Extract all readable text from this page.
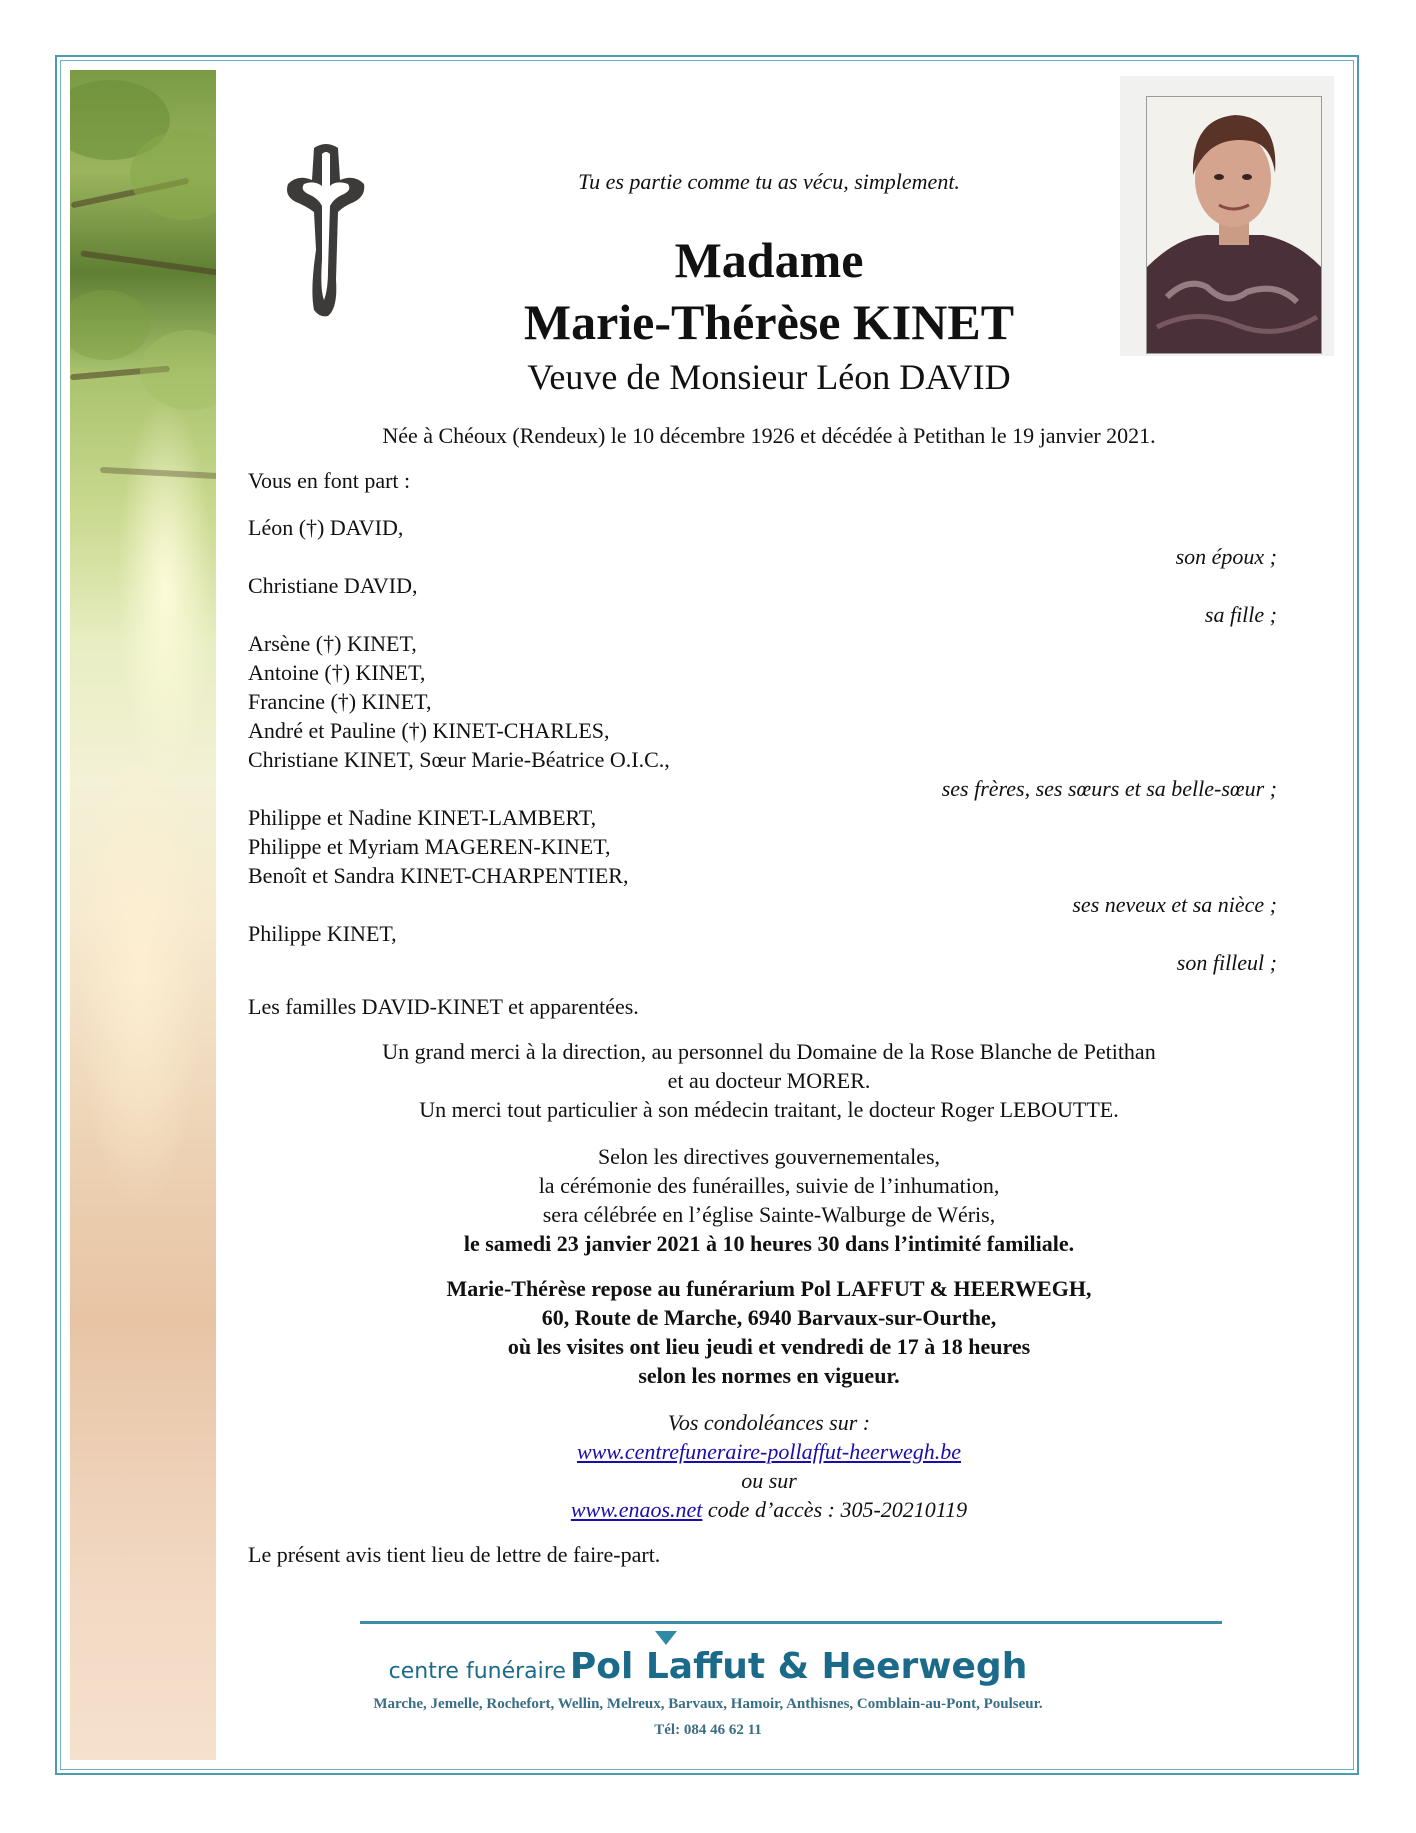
Tu es partie comme tu as vécu, simplement.
Madame
Marie-Thérèse KINET
Veuve de Monsieur Léon DAVID
Née à Chéoux (Rendeux) le 10 décembre 1926 et décédée à Petithan le 19 janvier 2021.
Vous en font part :
Léon (†) DAVID,
son époux ;
Christiane DAVID,
sa fille ;
Arsène (†) KINET,
Antoine (†) KINET,
Francine (†) KINET,
André et Pauline (†) KINET-CHARLES,
Christiane KINET, Sœur Marie-Béatrice O.I.C.,
ses frères, ses sœurs et sa belle-sœur ;
Philippe et Nadine KINET-LAMBERT,
Philippe et Myriam MAGEREN-KINET,
Benoît et Sandra KINET-CHARPENTIER,
ses neveux et sa nièce ;
Philippe KINET,
son filleul ;
Les familles DAVID-KINET et apparentées.
Un grand merci à la direction, au personnel du Domaine de la Rose Blanche de Petithan
et au docteur MORER.
Un merci tout particulier à son médecin traitant, le docteur Roger LEBOUTTE.
Selon les directives gouvernementales,
la cérémonie des funérailles, suivie de l’inhumation,
sera célébrée en l’église Sainte-Walburge de Wéris,
le samedi 23 janvier 2021 à 10 heures 30 dans l’intimité familiale.
Marie-Thérèse repose au funérarium Pol LAFFUT & HEERWEGH,
60, Route de Marche, 6940 Barvaux-sur-Ourthe,
où les visites ont lieu jeudi et vendredi de 17 à 18 heures
selon les normes en vigueur.
Vos condoléances sur :
www.centrefuneraire-pollaffut-heerwegh.be
ou sur
www.enaos.net code d’accès : 305-20210119
Le présent avis tient lieu de lettre de faire-part.
centre funéraire Pol Laffut & Heerwegh
Marche, Jemelle, Rochefort, Wellin, Melreux, Barvaux, Hamoir, Anthisnes, Comblain-au-Pont, Poulseur.
Tél: 084 46 62 11
